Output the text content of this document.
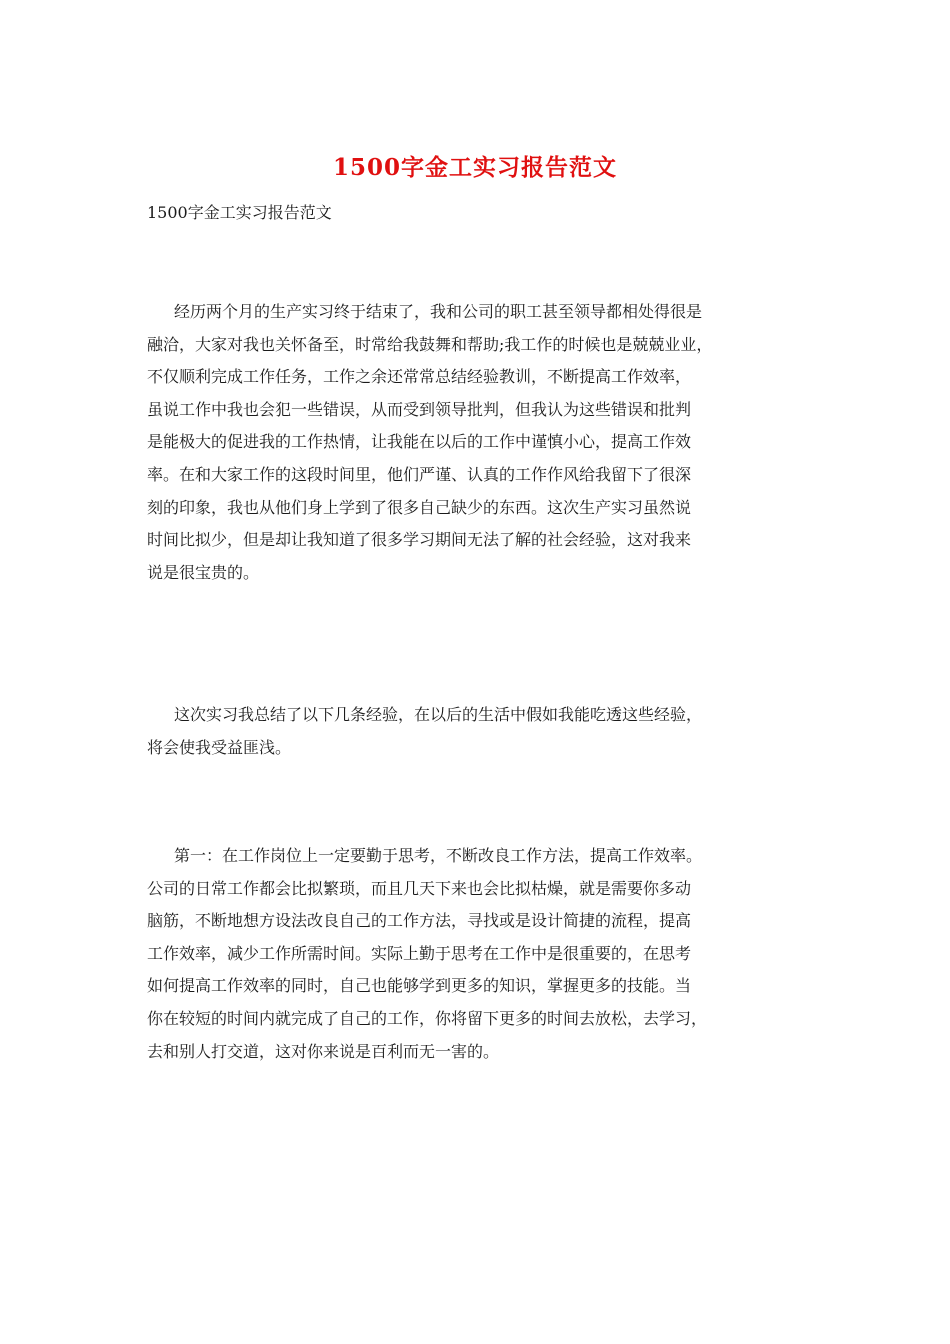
1500字金工实习报告范文
1500字金工实习报告范文
经历两个月的生产实习终于结束了，我和公司的职工甚至领导都相处得很是
融洽，大家对我也关怀备至，时常给我鼓舞和帮助;我工作的时候也是兢兢业业，
不仅顺利完成工作任务，工作之余还常常总结经验教训，不断提高工作效率，
虽说工作中我也会犯一些错误，从而受到领导批判，但我认为这些错误和批判
是能极大的促进我的工作热情，让我能在以后的工作中谨慎小心，提高工作效
率。在和大家工作的这段时间里，他们严谨、认真的工作作风给我留下了很深
刻的印象，我也从他们身上学到了很多自己缺少的东西。这次生产实习虽然说
时间比拟少，但是却让我知道了很多学习期间无法了解的社会经验，这对我来
说是很宝贵的。
这次实习我总结了以下几条经验，在以后的生活中假如我能吃透这些经验，
将会使我受益匪浅。
第一：在工作岗位上一定要勤于思考，不断改良工作方法，提高工作效率。
公司的日常工作都会比拟繁琐，而且几天下来也会比拟枯燥，就是需要你多动
脑筋，不断地想方设法改良自己的工作方法，寻找或是设计简捷的流程，提高
工作效率，减少工作所需时间。实际上勤于思考在工作中是很重要的，在思考
如何提高工作效率的同时，自己也能够学到更多的知识，掌握更多的技能。当
你在较短的时间内就完成了自己的工作，你将留下更多的时间去放松，去学习，
去和别人打交道，这对你来说是百利而无一害的。
